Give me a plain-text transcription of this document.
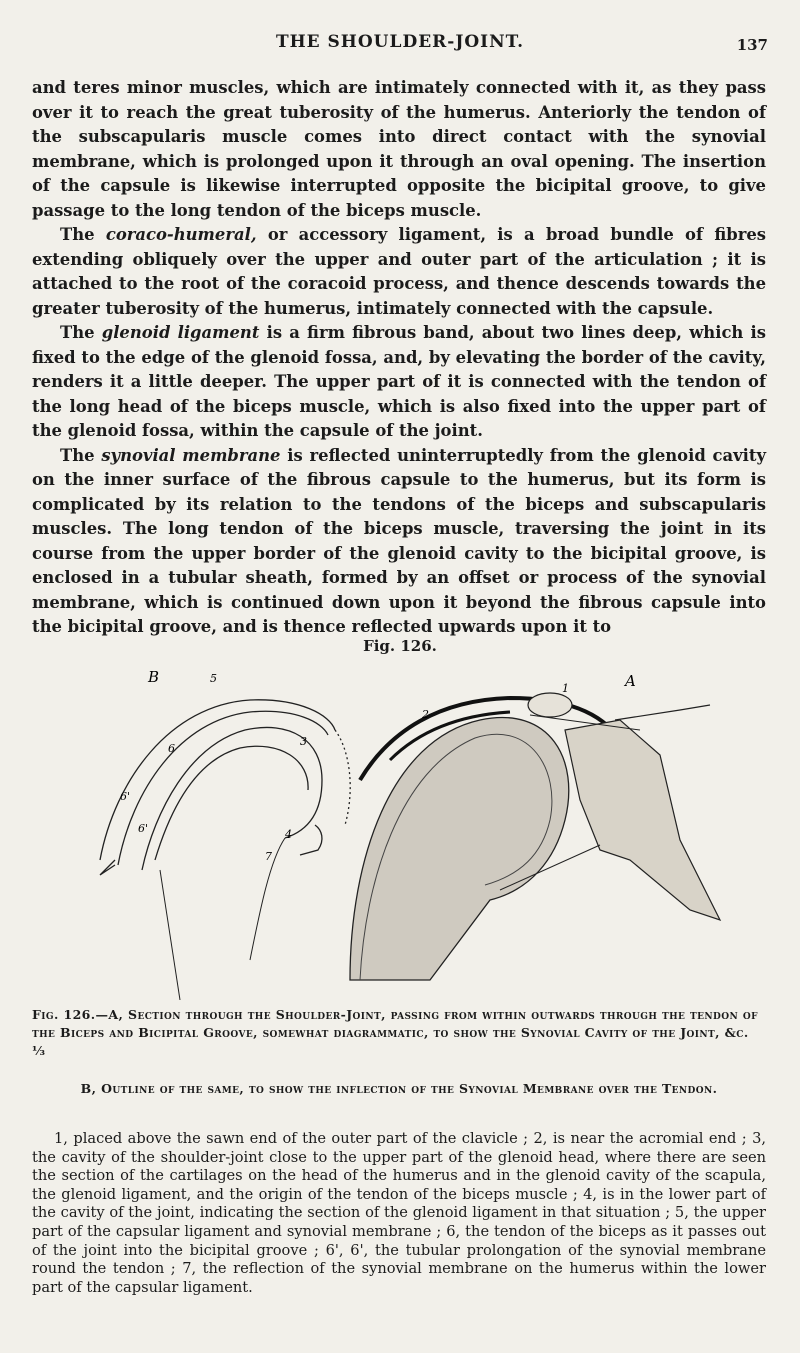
THE SHOULDER-JOINT.	137

and teres minor muscles, which are intimately connected with it, as they pass over it to reach the great tuberosity of the humerus. Anteriorly the tendon of the subscapularis muscle comes into direct contact with the synovial membrane, which is prolonged upon it through an oval opening. The insertion of the capsule is likewise interrupted opposite the bicipital groove, to give passage to the long tendon of the biceps muscle.

The coraco-humeral, or accessory ligament, is a broad bundle of fibres extending obliquely over the upper and outer part of the articulation ; it is attached to the root of the coracoid process, and thence descends towards the greater tuberosity of the humerus, intimately connected with the capsule.

The glenoid ligament is a firm fibrous band, about two lines deep, which is fixed to the edge of the glenoid fossa, and, by elevating the border of the cavity, renders it a little deeper. The upper part of it is connected with the tendon of the long head of the biceps muscle, which is also fixed into the upper part of the glenoid fossa, within the capsule of the joint.

The synovial membrane is reflected uninterruptedly from the glenoid cavity on the inner surface of the fibrous capsule to the humerus, but its form is complicated by its relation to the tendons of the biceps and subscapularis muscles. The long tendon of the biceps muscle, traversing the joint in its course from the upper border of the glenoid cavity to the bicipital groove, is enclosed in a tubular sheath, formed by an offset or process of the synovial membrane, which is continued down upon it beyond the fibrous capsule into the bicipital groove, and is thence reflected upwards upon it to

Fig. 126.
B	5
6
6'
6'
3
4
7
A
1
2
Fig. 126.—A, Section through the Shoulder-Joint, passing from within outwards through the tendon of the Biceps and Bicipital Groove, somewhat diagrammatic, to show the Synovial Cavity of the Joint, &c. ⅓
B, Outline of the same, to show the inflection of the Synovial Membrane over the Tendon.

1, placed above the sawn end of the outer part of the clavicle ; 2, is near the acromial end ; 3, the cavity of the shoulder-joint close to the upper part of the glenoid head, where there are seen the section of the cartilages on the head of the humerus and in the glenoid cavity of the scapula, the glenoid ligament, and the origin of the tendon of the biceps muscle ; 4, is in the lower part of the cavity of the joint, indicating the section of the glenoid ligament in that situation ; 5, the upper part of the capsular ligament and synovial membrane ; 6, the tendon of the biceps as it passes out of the joint into the bicipital groove ; 6', 6', the tubular prolongation of the synovial membrane round the tendon ; 7, the reflection of the synovial membrane on the humerus within the lower part of the capsular ligament.
